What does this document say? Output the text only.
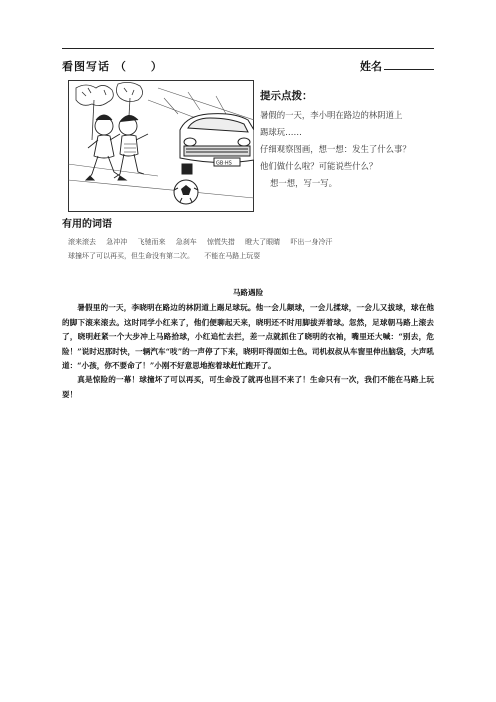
看图写话 （　　）	姓名
GB·HS
提示点拨：

暑假的一天，李小明在路边的林阴道上

踢球玩……

仔细观察图画，想一想：发生了什么事？

他们做什么啦？可能说些什么？

想一想，写一写。

有用的词语
滚来滚去 急冲冲 飞驰而来 急刹车 惊慌失措 瞪大了眼睛 吓出一身冷汗
球撞坏了可以再买，但生命没有第二次。 不能在马路上玩耍
马路遇险

暑假里的一天，李晓明在路边的林阴道上踢足球玩。他一会儿颠球，一会儿揉球，一会儿又拔球，球在他的脚下滚来滚去。这时同学小红来了，他们便聊起天来，晓明还不时用脚拔弄着球。忽然，足球朝马路上滚去了，晓明赶紧一个大步冲上马路拾球，小红追忙去拦，差一点就抓住了晓明的衣袖，嘴里还大喊：“别去，危险！”说时迟那时快，一辆汽车“吱”的一声停了下来，晓明吓得面如土色。司机叔叔从车窗里伸出脑袋，大声吼道：“小孩，你不要命了！”小刚不好意思地抱着球赶忙跑开了。

真是惊险的一幕！球撞坏了可以再买，可生命没了就再也回不来了！生命只有一次，我们不能在马路上玩耍！
